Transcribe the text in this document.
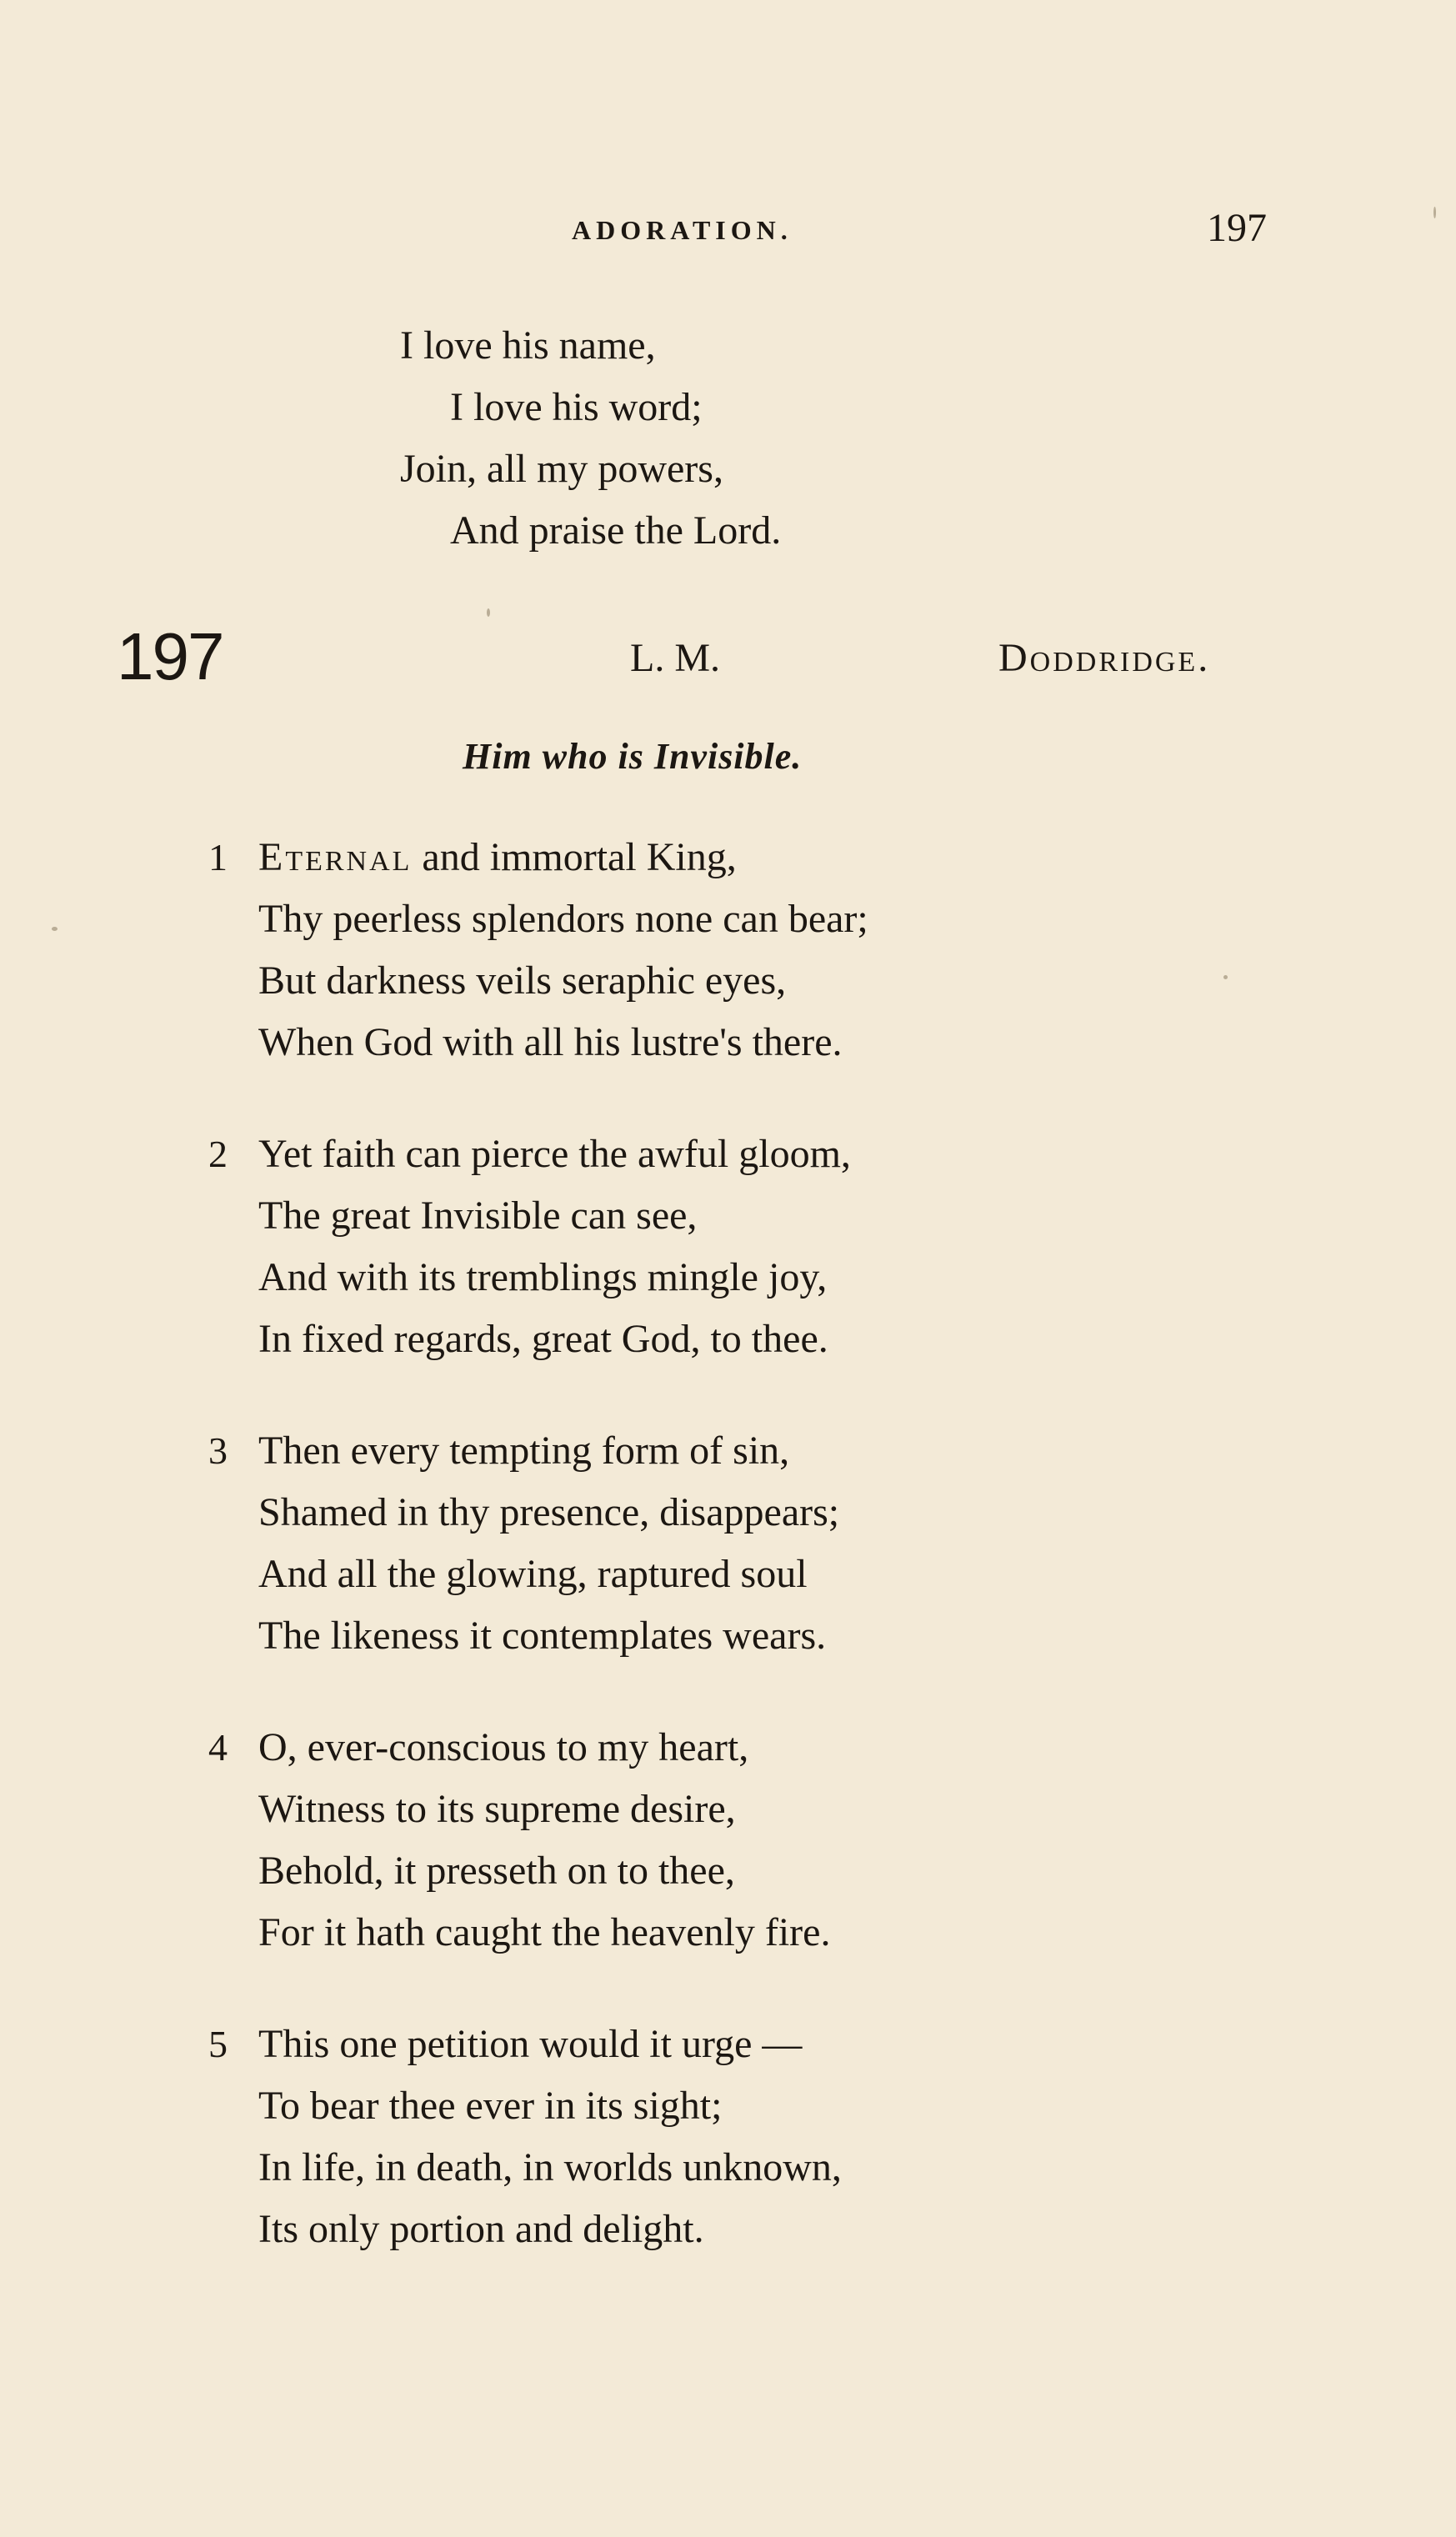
ADORATION.	197
I love his name,
I love his word;
Join, all my powers,
And praise the Lord.
197	L. M.	Doddridge.
Him who is Invisible.
1 Eternal and immortal King,
Thy peerless splendors none can bear;
But darkness veils seraphic eyes,
When God with all his lustre's there.
2 Yet faith can pierce the awful gloom,
The great Invisible can see,
And with its tremblings mingle joy,
In fixed regards, great God, to thee.
3 Then every tempting form of sin,
Shamed in thy presence, disappears;
And all the glowing, raptured soul
The likeness it contemplates wears.
4 O, ever-conscious to my heart,
Witness to its supreme desire,
Behold, it presseth on to thee,
For it hath caught the heavenly fire.
5 This one petition would it urge —
To bear thee ever in its sight;
In life, in death, in worlds unknown,
Its only portion and delight.
